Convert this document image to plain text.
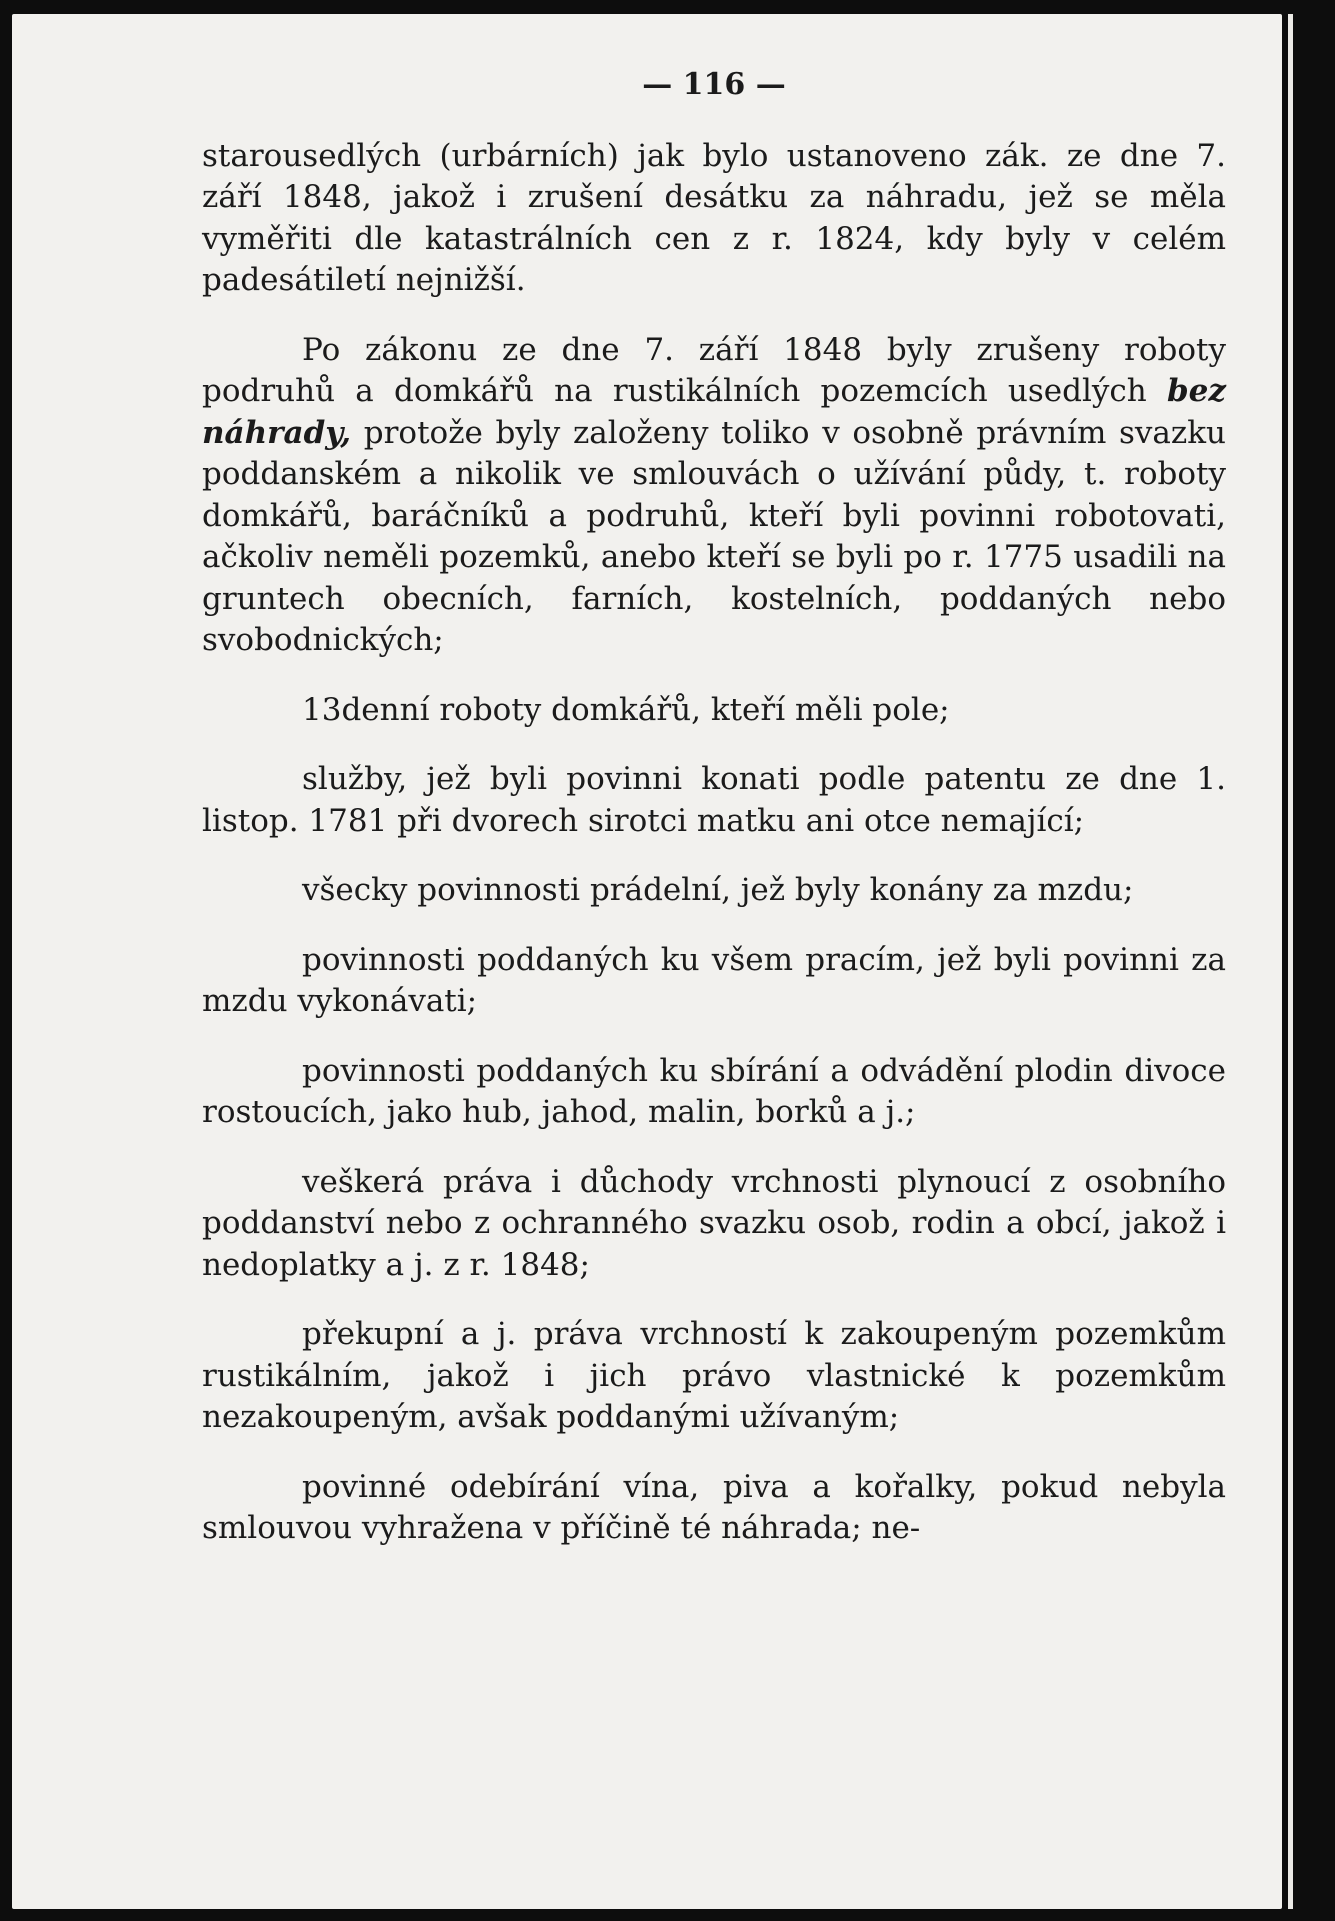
— 116 —

starousedlých (urbárních) jak bylo ustanoveno zák. ze dne 7. září 1848, jakož i zrušení desátku za náhradu, jež se měla vyměřiti dle katastrálních cen z r. 1824, kdy byly v celém padesátiletí nejnižší.

Po zákonu ze dne 7. září 1848 byly zrušeny roboty podruhů a domkářů na rustikálních pozemcích usedlých bez náhrady, protože byly založeny toliko v osobně právním svazku poddanském a nikolik ve smlouvách o užívání půdy, t. roboty domkářů, baráčníků a podruhů, kteří byli povinni robotovati, ačkoliv neměli pozemků, anebo kteří se byli po r. 1775 usadili na gruntech obecních, farních, kostelních, poddaných nebo svobodnických;

13denní roboty domkářů, kteří měli pole;

služby, jež byli povinni konati podle patentu ze dne 1. listop. 1781 při dvorech sirotci matku ani otce nemající;

všecky povinnosti prádelní, jež byly konány za mzdu;

povinnosti poddaných ku všem pracím, jež byli povinni za mzdu vykonávati;

povinnosti poddaných ku sbírání a odvádění plodin divoce rostoucích, jako hub, jahod, malin, borků a j.;

veškerá práva i důchody vrchnosti plynoucí z osobního poddanství nebo z ochranného svazku osob, rodin a obcí, jakož i nedoplatky a j. z r. 1848;

překupní a j. práva vrchností k zakoupeným pozemkům rustikálním, jakož i jich právo vlastnické k pozemkům nezakoupeným, avšak poddanými užívaným;

povinné odebírání vína, piva a kořalky, pokud nebyla smlouvou vyhražena v příčině té náhrada; ne-
